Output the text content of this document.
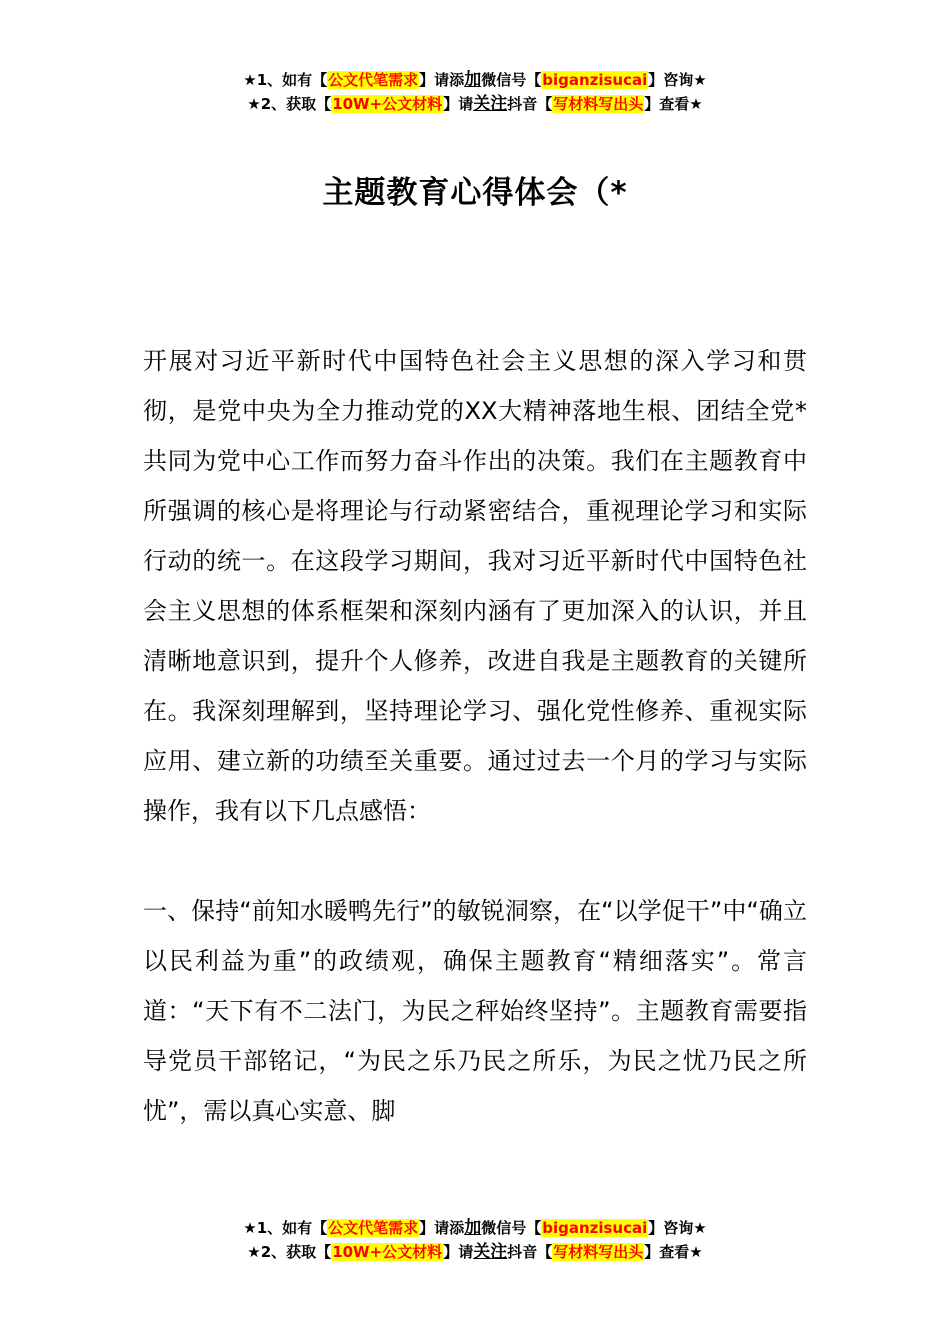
★1、如有【公文代笔需求】请添加微信号【biganzisucai】咨询★
★2、获取【10W+公文材料】请关注抖音【写材料写出头】查看★
主题教育心得体会（*

开展对习近平新时代中国特色社会主义思想的深入学习和贯彻，是党中央为全力推动党的XX大精神落地生根、团结全党*共同为党中心工作而努力奋斗作出的决策。我们在主题教育中所强调的核心是将理论与行动紧密结合，重视理论学习和实际行动的统一。在这段学习期间，我对习近平新时代中国特色社会主义思想的体系框架和深刻内涵有了更加深入的认识，并且清晰地意识到，提升个人修养，改进自我是主题教育的关键所在。我深刻理解到，坚持理论学习、强化党性修养、重视实际应用、建立新的功绩至关重要。通过过去一个月的学习与实际操作，我有以下几点感悟：

一、保持“前知水暖鸭先行”的敏锐洞察，在“以学促干”中“确立以民利益为重”的政绩观，确保主题教育“精细落实”。常言道：“天下有不二法门，为民之秤始终坚持”。主题教育需要指导党员干部铭记，“为民之乐乃民之所乐，为民之忧乃民之所忧”，需以真心实意、脚

★1、如有【公文代笔需求】请添加微信号【biganzisucai】咨询★
★2、获取【10W+公文材料】请关注抖音【写材料写出头】查看★
